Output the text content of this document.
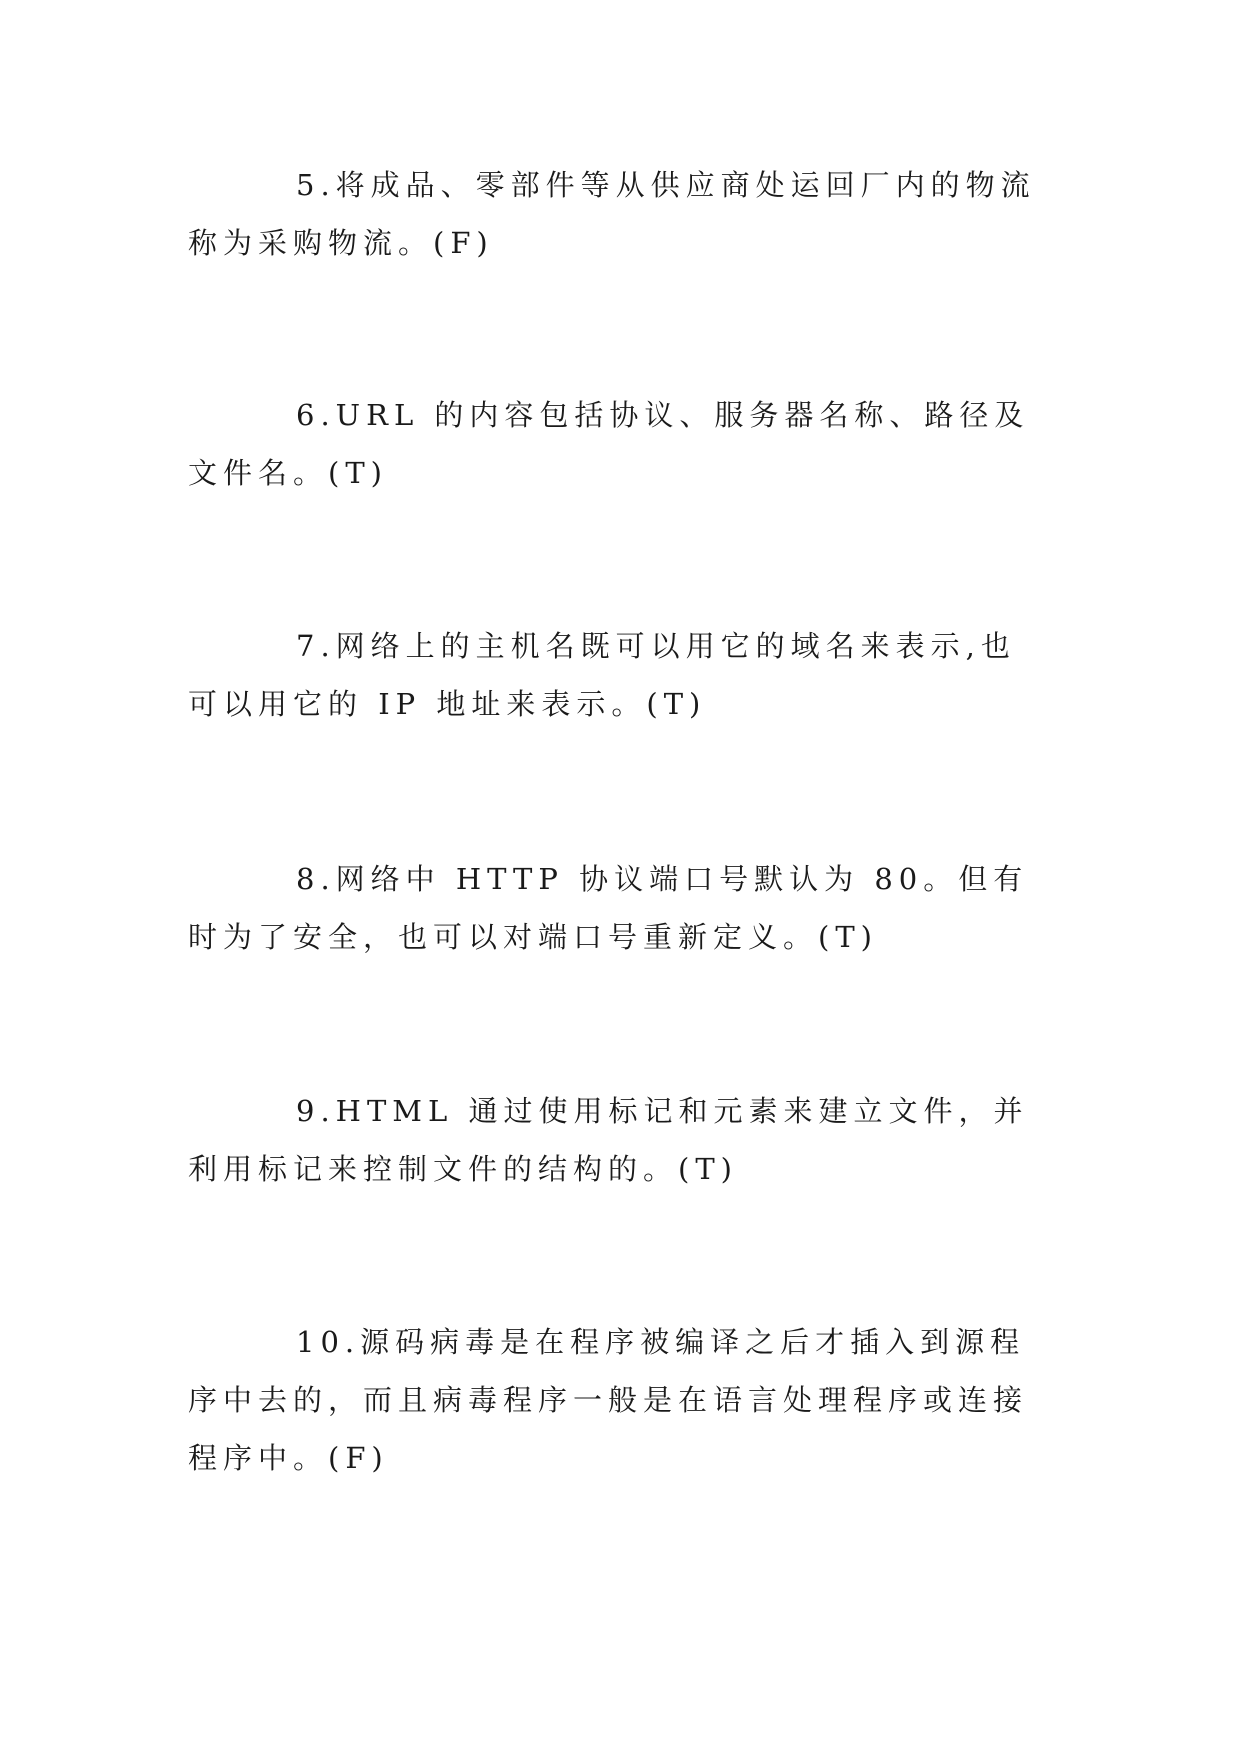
5.将成品、零部件等从供应商处运回厂内的物流称为采购物流。(F)

6.URL 的内容包括协议、服务器名称、路径及文件名。(T)

7.网络上的主机名既可以用它的域名来表示,也可以用它的 IP 地址来表示。(T)

8.网络中 HTTP 协议端口号默认为 80。但有时为了安全，也可以对端口号重新定义。(T)

9.HTML 通过使用标记和元素来建立文件，并利用标记来控制文件的结构的。(T)

10.源码病毒是在程序被编译之后才插入到源程序中去的，而且病毒程序一般是在语言处理程序或连接程序中。(F)
